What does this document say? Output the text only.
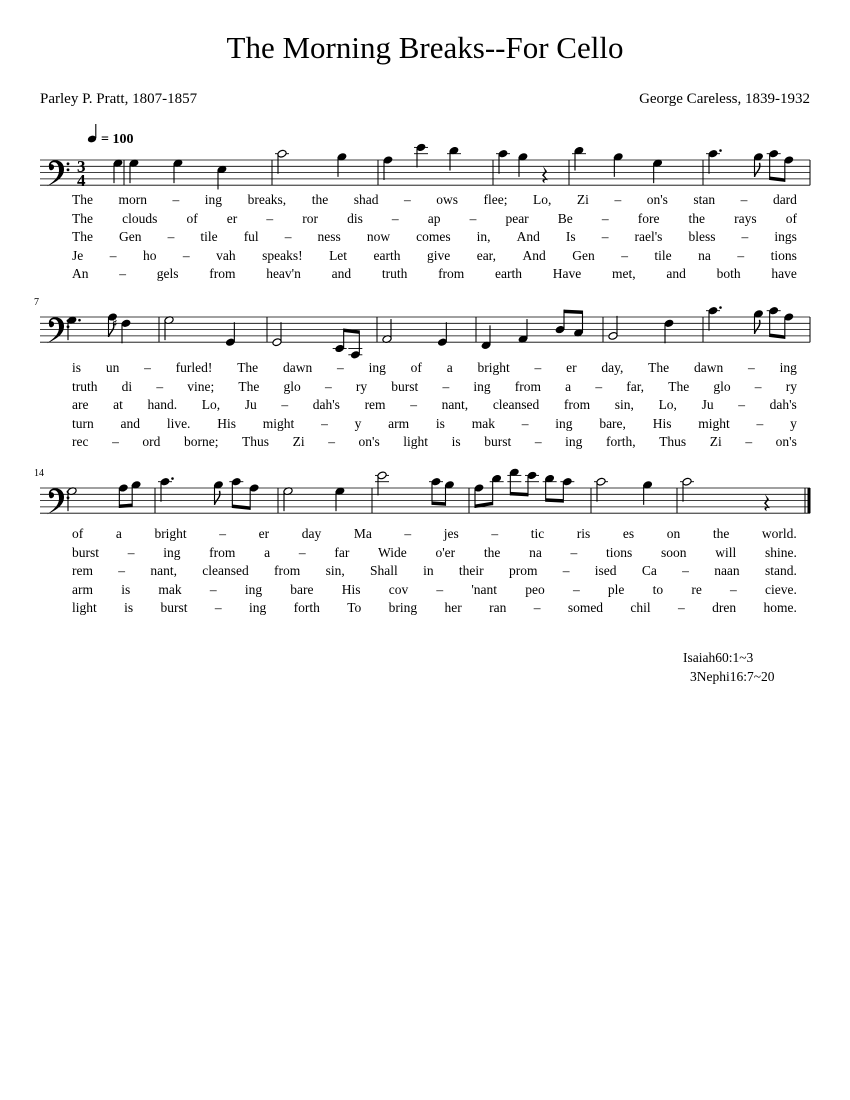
The Morning Breaks--For Cello
Parley P. Pratt, 1807-1857	George Careless, 1839-1932
= 100
3
4
7
♯
14
The morn – ing breaks, the shad – ows flee; Lo, Zi – on's stan – dard
The clouds of er – ror dis – ap – pear Be – fore the rays of
The Gen – tile ful – ness now comes in, And Is – rael's bless – ings
Je – ho – vah speaks! Let earth give ear, And Gen – tile na – tions
An – gels from heav'n and truth from earth Have met, and both have
is un – furled! The dawn – ing of a bright – er day, The dawn – ing
truth di – vine; The glo – ry burst – ing from a – far, The glo – ry
are at hand. Lo, Ju – dah's rem – nant, cleansed from sin, Lo, Ju – dah's
turn and live. His might – y arm is mak – ing bare, His might – y
rec – ord borne; Thus Zi – on's light is burst – ing forth, Thus Zi – on's
of a bright – er day Ma – jes – tic ris es on the world.
burst – ing from a – far Wide o'er the na – tions soon will shine.
rem – nant, cleansed from sin, Shall in their prom – ised Ca – naan stand.
arm is mak – ing bare His cov – 'nant peo – ple to re – cieve.
light is burst – ing forth To bring her ran – somed chil – dren home.
Isaiah60:1~3
3Nephi16:7~20
